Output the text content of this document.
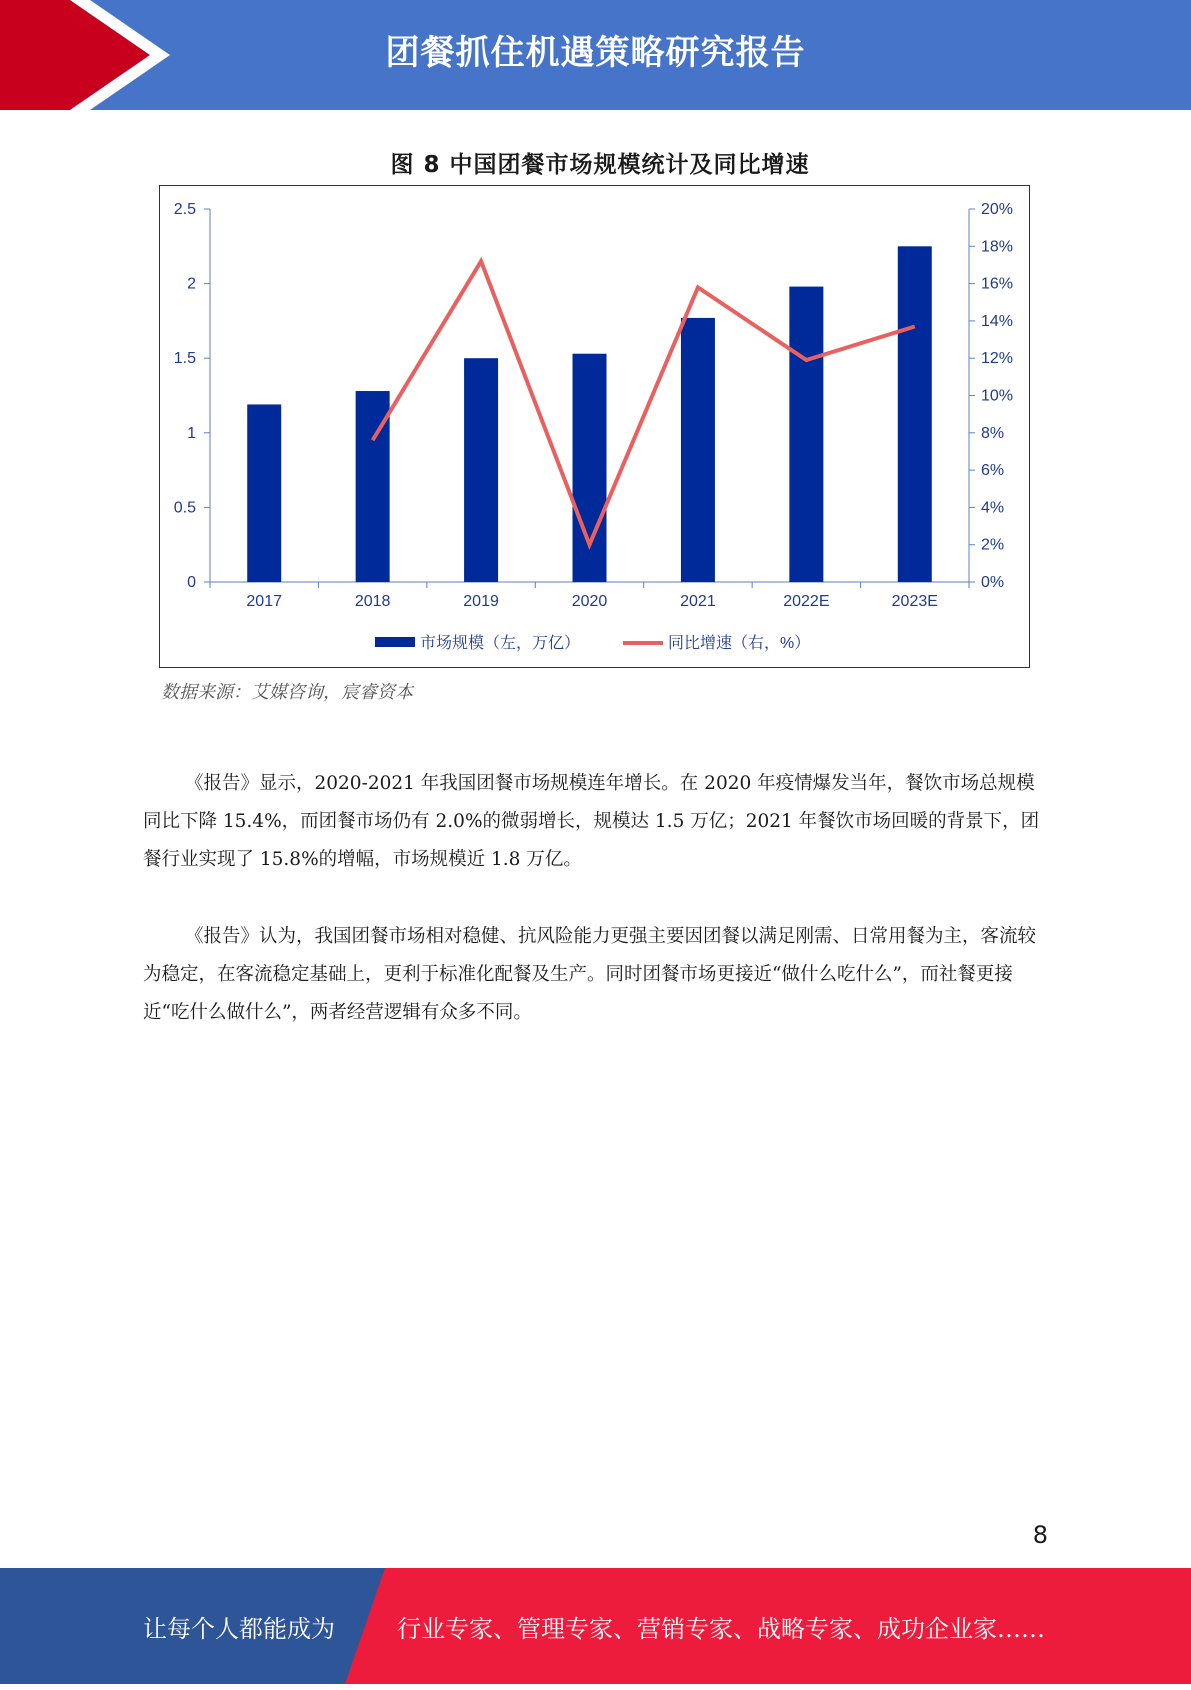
团餐抓住机遇策略研究报告
图 8 中国团餐市场规模统计及同比增速
0
0.5
1
1.5
2
2.5
0%
2%
4%
6%
8%
10%
12%
14%
16%
18%
20%
2017	2018	2019	2020	2021	2022E	2023E
市场规模（左，万亿）	同比增速（右，%）
数据来源：艾媒咨询，宸睿资本

《报告》显示，2020-2021 年我国团餐市场规模连年增长。在 2020 年疫情爆发当年，餐饮市场总规模同比下降 15.4%，而团餐市场仍有 2.0%的微弱增长，规模达 1.5 万亿；2021 年餐饮市场回暖的背景下，团餐行业实现了 15.8%的增幅，市场规模近 1.8 万亿。

《报告》认为，我国团餐市场相对稳健、抗风险能力更强主要因团餐以满足刚需、日常用餐为主，客流较为稳定，在客流稳定基础上，更利于标准化配餐及生产。同时团餐市场更接近“做什么吃什么”，而社餐更接近“吃什么做什么”，两者经营逻辑有众多不同。

8
让每个人都能成为	行业专家、管理专家、营销专家、战略专家、成功企业家……
